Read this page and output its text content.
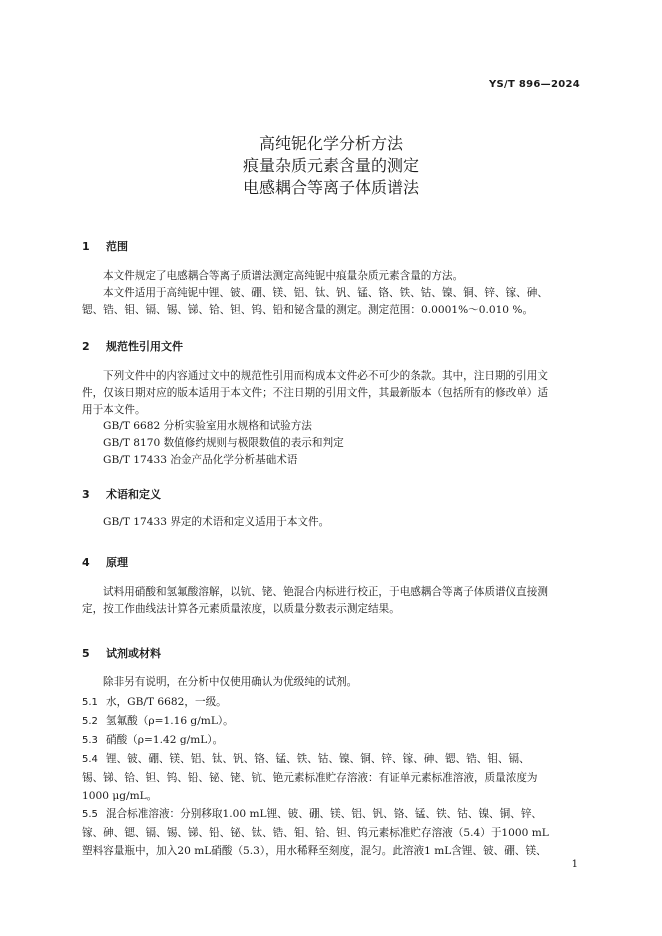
YS/T 896—2024
高纯铌化学分析方法
痕量杂质元素含量的测定
电感耦合等离子体质谱法
1 范围
本文件规定了电感耦合等离子质谱法测定高纯铌中痕量杂质元素含量的方法。
本文件适用于高纯铌中锂、铍、硼、镁、铝、钛、钒、锰、铬、铁、钴、镍、铜、锌、镓、砷、
锶、锆、钼、镉、锡、锑、铪、钽、钨、铅和铋含量的测定。测定范围：0.0001%～0.010 %。
2 规范性引用文件
下列文件中的内容通过文中的规范性引用而构成本文件必不可少的条款。其中，注日期的引用文
件，仅该日期对应的版本适用于本文件；不注日期的引用文件，其最新版本（包括所有的修改单）适
用于本文件。
GB/T 6682 分析实验室用水规格和试验方法
GB/T 8170 数值修约规则与极限数值的表示和判定
GB/T 17433 冶金产品化学分析基础术语
3 术语和定义
GB/T 17433 界定的术语和定义适用于本文件。
4 原理
试料用硝酸和氢氟酸溶解，以钪、铑、铯混合内标进行校正，于电感耦合等离子体质谱仪直接测
定，按工作曲线法计算各元素质量浓度，以质量分数表示测定结果。
5 试剂或材料
除非另有说明，在分析中仅使用确认为优级纯的试剂。
5.1 水，GB/T 6682，一级。
5.2 氢氟酸（ρ=1.16 g/mL）。
5.3 硝酸（ρ=1.42 g/mL）。
5.4 锂、铍、硼、镁、铝、钛、钒、铬、锰、铁、钴、镍、铜、锌、镓、砷、锶、锆、钼、镉、
锡、锑、铪、钽、钨、铅、铋、铑、钪、铯元素标准贮存溶液：有证单元素标准溶液，质量浓度为
1000 μg/mL。
5.5 混合标准溶液：分别移取1.00 mL锂、铍、硼、镁、铝、钒、铬、锰、铁、钴、镍、铜、锌、
镓、砷、锶、镉、锡、锑、铅、铋、钛、锆、钼、铪、钽、钨元素标准贮存溶液（5.4）于1000 mL
塑料容量瓶中，加入20 mL硝酸（5.3），用水稀释至刻度，混匀。此溶液1 mL含锂、铍、硼、镁、
1
